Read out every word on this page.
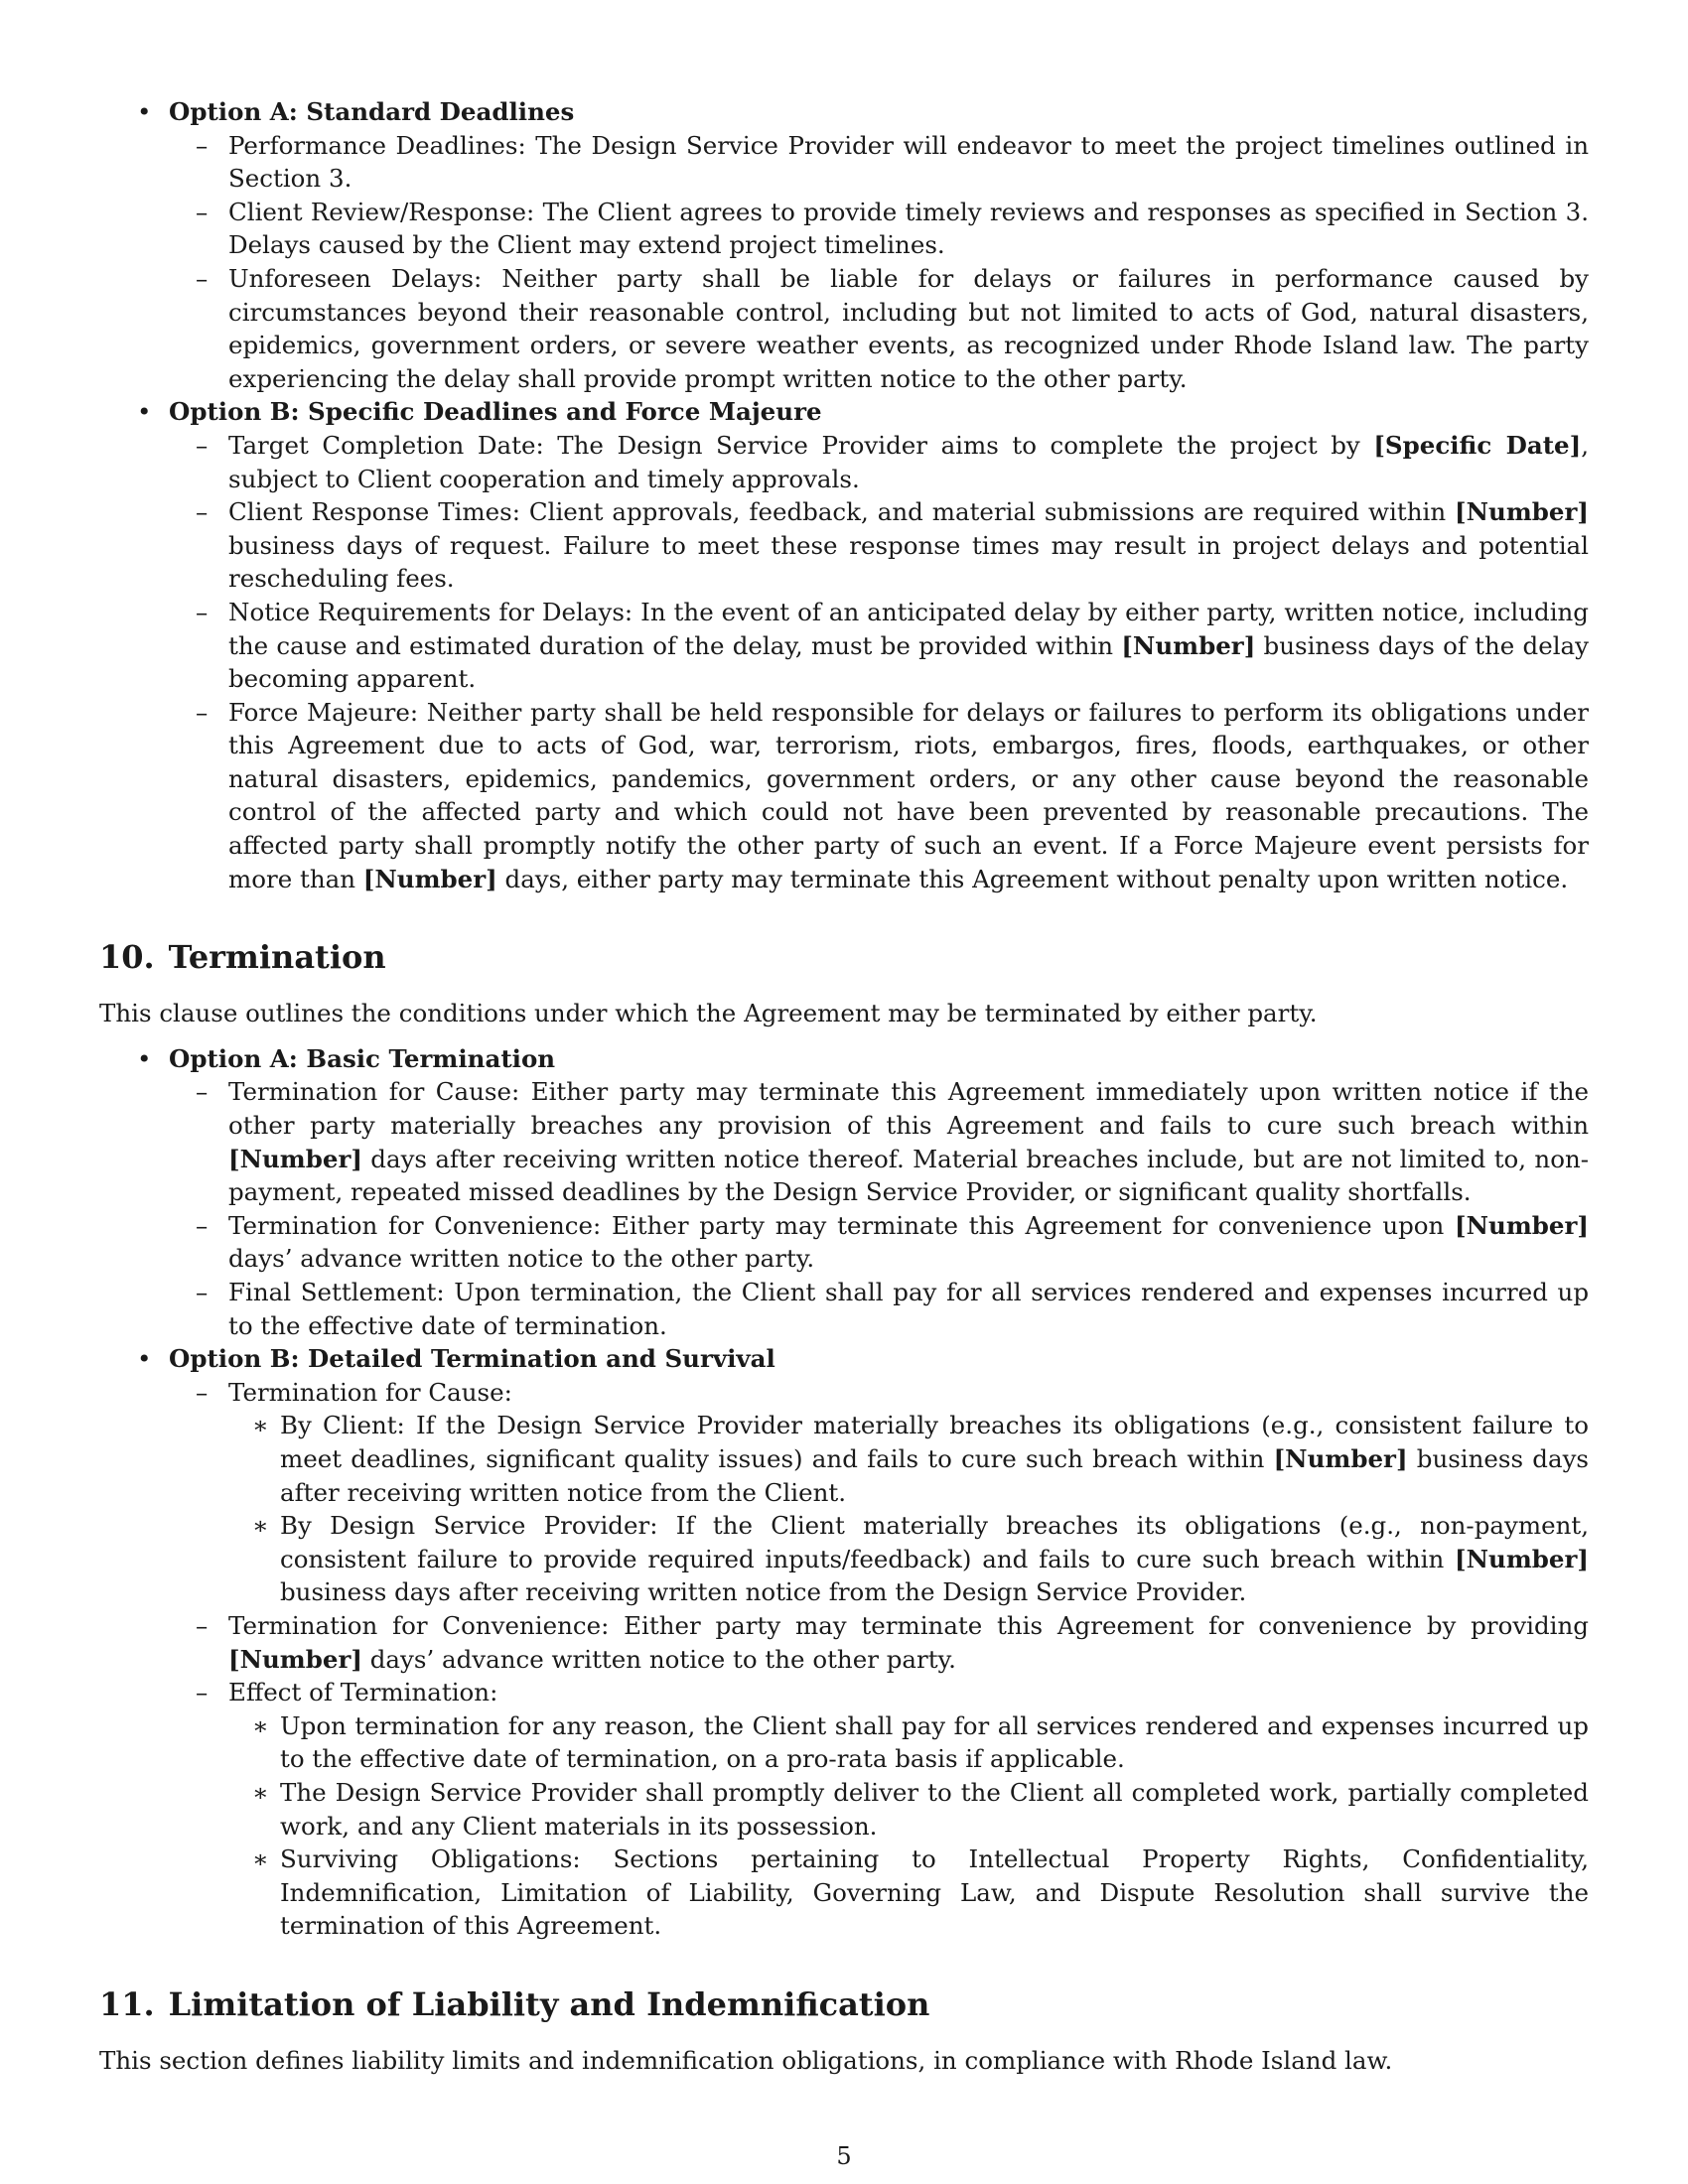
• Option A: Standard Deadlines
– Performance Deadlines: The Design Service Provider will endeavor to meet the project timelines outlined in Section 3.
– Client Review/Response: The Client agrees to provide timely reviews and responses as specified in Section 3. Delays caused by the Client may extend project timelines.
– Unforeseen Delays: Neither party shall be liable for delays or failures in performance caused by circumstances beyond their reasonable control, including but not limited to acts of God, natural disasters, epidemics, government orders, or severe weather events, as recognized under Rhode Island law. The party experiencing the delay shall provide prompt written notice to the other party.
• Option B: Specific Deadlines and Force Majeure
– Target Completion Date: The Design Service Provider aims to complete the project by [Specific Date], subject to Client cooperation and timely approvals.
– Client Response Times: Client approvals, feedback, and material submissions are required within [Number] business days of request. Failure to meet these response times may result in project delays and potential rescheduling fees.
– Notice Requirements for Delays: In the event of an anticipated delay by either party, written notice, including the cause and estimated duration of the delay, must be provided within [Number] business days of the delay becoming apparent.
– Force Majeure: Neither party shall be held responsible for delays or failures to perform its obligations under this Agreement due to acts of God, war, terrorism, riots, embargos, fires, floods, earthquakes, or other natural disasters, epidemics, pandemics, government orders, or any other cause beyond the reasonable control of the affected party and which could not have been prevented by reasonable precautions. The affected party shall promptly notify the other party of such an event. If a Force Majeure event persists for more than [Number] days, either party may terminate this Agreement without penalty upon written notice.
10. Termination

This clause outlines the conditions under which the Agreement may be terminated by either party.

• Option A: Basic Termination
– Termination for Cause: Either party may terminate this Agreement immediately upon written notice if the other party materially breaches any provision of this Agreement and fails to cure such breach within [Number] days after receiving written notice thereof. Material breaches include, but are not limited to, non-payment, repeated missed deadlines by the Design Service Provider, or significant quality shortfalls.
– Termination for Convenience: Either party may terminate this Agreement for convenience upon [Number] days’ advance written notice to the other party.
– Final Settlement: Upon termination, the Client shall pay for all services rendered and expenses incurred up to the effective date of termination.
• Option B: Detailed Termination and Survival
– Termination for Cause:
∗ By Client: If the Design Service Provider materially breaches its obligations (e.g., consistent failure to meet deadlines, significant quality issues) and fails to cure such breach within [Number] business days after receiving written notice from the Client.
∗ By Design Service Provider: If the Client materially breaches its obligations (e.g., non-payment, consistent failure to provide required inputs/feedback) and fails to cure such breach within [Number] business days after receiving written notice from the Design Service Provider.
– Termination for Convenience: Either party may terminate this Agreement for convenience by providing [Number] days’ advance written notice to the other party.
– Effect of Termination:
∗ Upon termination for any reason, the Client shall pay for all services rendered and expenses incurred up to the effective date of termination, on a pro-rata basis if applicable.
∗ The Design Service Provider shall promptly deliver to the Client all completed work, partially completed work, and any Client materials in its possession.
∗ Surviving Obligations: Sections pertaining to Intellectual Property Rights, Confidentiality, Indemnification, Limitation of Liability, Governing Law, and Dispute Resolution shall survive the termination of this Agreement.
11. Limitation of Liability and Indemnification

This section defines liability limits and indemnification obligations, in compliance with Rhode Island law.

5
